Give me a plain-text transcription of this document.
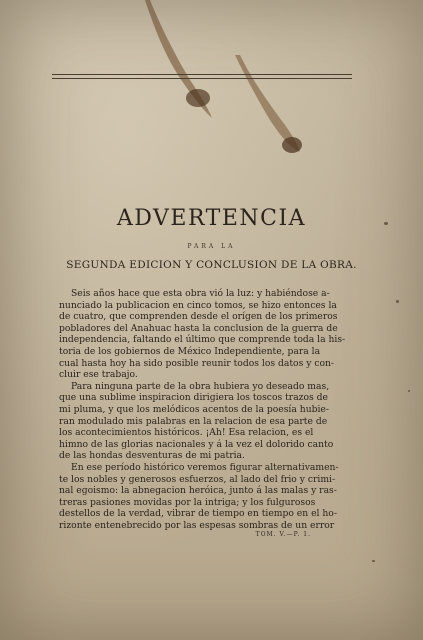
ADVERTENCIA
PARA LA
SEGUNDA EDICION Y CONCLUSION DE LA OBRA.
Seis años hace que esta obra vió la luz: y habiéndose a-
nunciado la publicacion en cinco tomos, se hizo entonces la
de cuatro, que comprenden desde el orígen de los primeros
pobladores del Anahuac hasta la conclusion de la guerra de
independencia, faltando el último que comprende toda la his-
toria de los gobiernos de México Independiente, para la
cual hasta hoy ha sido posible reunir todos los datos y con-
cluir ese trabajo.
Para ninguna parte de la obra hubiera yo deseado mas,
que una sublime inspiracion dirigiera los toscos trazos de
mi pluma, y que los melódicos acentos de la poesía hubie-
ran modulado mis palabras en la relacion de esa parte de
los acontecimientos históricos. ¡Ah! Esa relacion, es el
himno de las glorias nacionales y á la vez el dolorido canto
de las hondas desventuras de mi patria.
En ese período histórico veremos figurar alternativamen-
te los nobles y generosos esfuerzos, al lado del frio y crimi-
nal egoismo: la abnegacion heróica, junto á las malas y ras-
treras pasiones movidas por la intriga; y los fulgurosos
destellos de la verdad, vibrar de tiempo en tiempo en el ho-
rizonte entenebrecido por las espesas sombras de un error
TOM. V.—P. 1.
